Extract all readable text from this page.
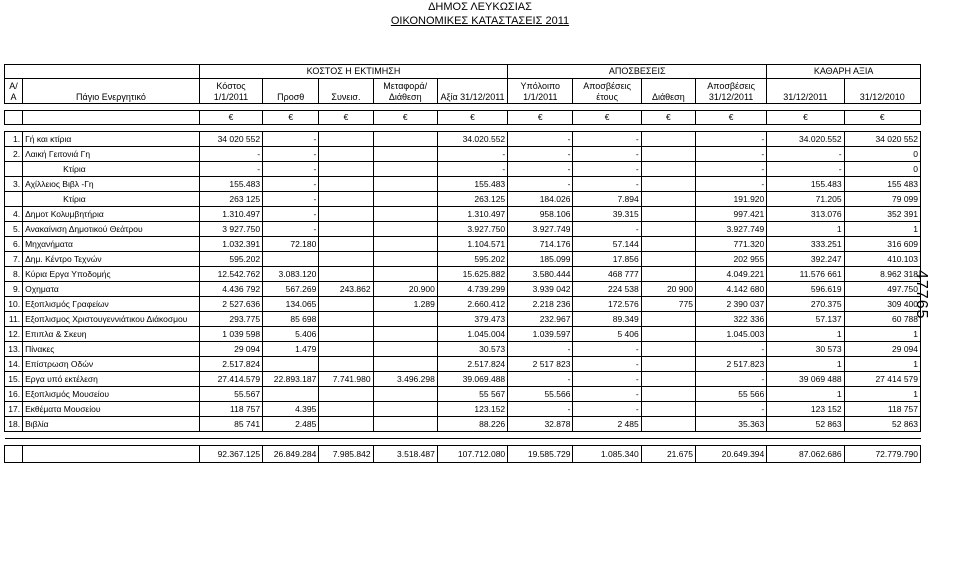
ΔΗΜΟΣ ΛΕΥΚΩΣΙΑΣ
ΟΙΚΟΝΟΜΙΚΕΣ ΚΑΤΑΣΤΑΣΕΙΣ 2011
		ΚΟΣΤΟΣ Η ΕΚΤΙΜΗΣΗ					ΑΠΟΣΒΕΣΕΙΣ				ΚΑΘΑΡΗ ΑΞΙΑ	
Α/Α	Πάγιο Ενεργητικό	Κόστος 1/1/2011	Προσθ	Συνεισ.	Μεταφορά/ Διάθεση	Αξία 31/12/2011	Υπόλοιπο 1/1/2011	Αποσβέσεις έτους	Διάθεση	Αποσβέσεις 31/12/2011	31/12/2011	31/12/2010

		€	€	€	€	€	€	€	€	€	€	€

1.	Γή και κτίρια	34 020 552	-			34.020.552	-	-		-	34.020.552	34 020 552
2.	Λαική Γειτονιά Γη	-	-			-	-	-		-	-	0
	Κτίρια	-	-			-	-	-		-	-	0
3.	Αχίλλειος Βιβλ -Γη	155.483	-			155.483	-	-		-	155.483	155 483
	Κτίρια	263 125	-			263.125	184.026	7.894		191.920	71.205	79 099
4.	Δημοτ Κολυμβητήρια	1.310.497	-			1.310.497	958.106	39.315		997.421	313.076	352 391
5.	Ανακαίνιση Δημοτικού Θεάτρου	3 927.750	-			3.927.750	3.927.749	-		3.927.749	1	1
6.	Μηχανήματα	1.032.391	72.180			1.104.571	714.176	57.144		771.320	333.251	316 609
7.	Δημ. Κέντρο Τεχνών	595.202				595.202	185.099	17.856		202 955	392.247	410.103
8.	Κύρια Εργα Υποδομής	12.542.762	3.083.120			15.625.882	3.580.444	468 777		4.049.221	11.576 661	8.962 318
9.	Οχηματα	4.436 792	567.269	243.862	20.900	4.739.299	3.939 042	224 538	20 900	4.142 680	596.619	497.750
10.	Εξοπλισμός Γραφείων	2 527.636	134.065		1.289	2.660.412	2.218 236	172.576	775	2 390 037	270.375	309 400
11.	Εξοπλισμος Χριστουγεννιάτικου Διάκοσμου	293.775	85 698			379.473	232.967	89.349		322 336	57.137	60 788
12.	Επιπλα & Σκευη	1 039 598	5.406			1.045.004	1.039.597	5 406		1.045.003	1	1
13.	Πίνακες	29 094	1.479			30.573	-	-		-	30 573	29 094
14.	Επίστρωση Οδών	2.517.824				2.517.824	2 517 823	-		2 517.823	1	1
15.	Εργα υπό εκτέλεση	27.414.579	22.893.187	7.741.980	3.496.298	39.069.488	-	-		-	39 069 488	27 414 579
16.	Εξοπλισμός Μουσείου	55.567				55 567	55.566	-		55 566	1	1
17.	Εκθέματα Μουσείου	118 757	4.395			123.152	-	-		-	123 152	118 757
18.	Βιβλία	85 741	2.485			88.226	32.878	2 485		35.363	52 863	52 863

		92.367.125	26.849.284	7.985.842	3.518.487	107.712.080	19.585.729	1.085.340	21.675	20.649.394	87.062.686	72.779.790
47765
